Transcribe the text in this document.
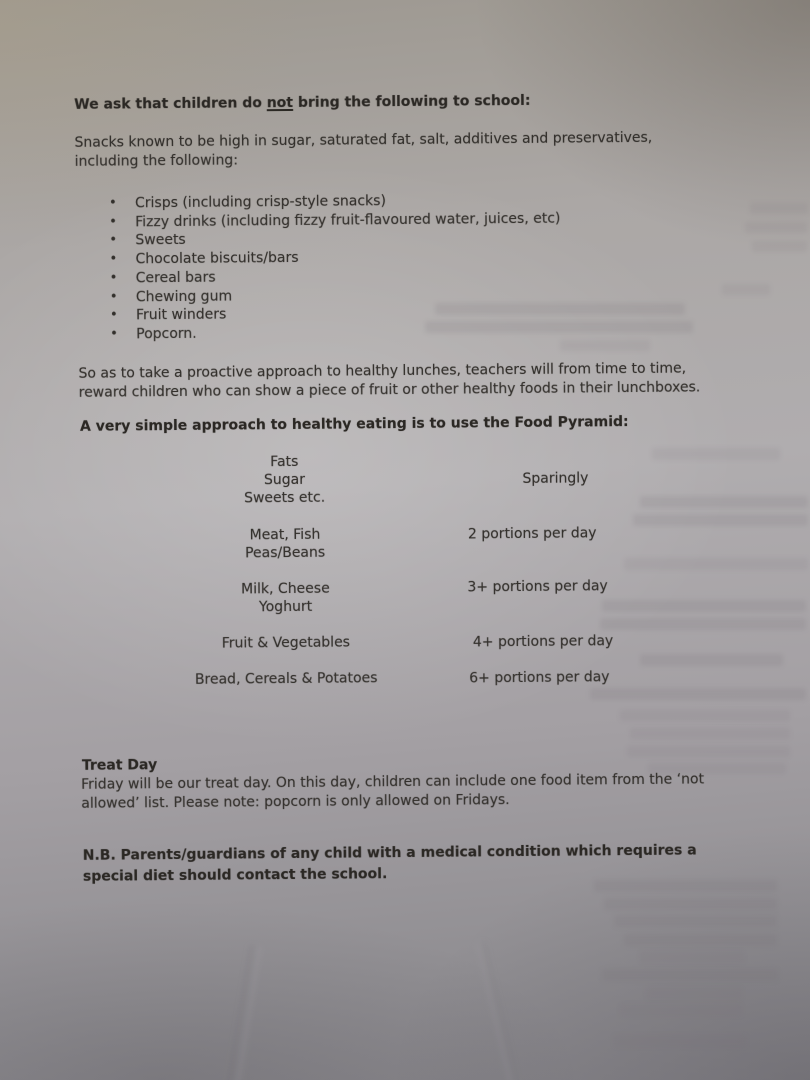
We ask that children do not bring the following to school:
Snacks known to be high in sugar, saturated fat, salt, additives and preservatives,
including the following:
• Crisps (including crisp-style snacks)
• Fizzy drinks (including fizzy fruit-flavoured water, juices, etc)
• Sweets
• Chocolate biscuits/bars
• Cereal bars
• Chewing gum
• Fruit winders
• Popcorn.
So as to take a proactive approach to healthy lunches, teachers will from time to time,
reward children who can show a piece of fruit or other healthy foods in their lunchboxes.
A very simple approach to healthy eating is to use the Food Pyramid:
Fats
Sugar
Sweets etc.
Sparingly
Meat, Fish
Peas/Beans
2 portions per day
Milk, Cheese
Yoghurt
3+ portions per day
Fruit & Vegetables	4+ portions per day
Bread, Cereals & Potatoes	6+ portions per day
Treat Day
Friday will be our treat day. On this day, children can include one food item from the ‘not
allowed’ list. Please note: popcorn is only allowed on Fridays.
N.B. Parents/guardians of any child with a medical condition which requires a
special diet should contact the school.
